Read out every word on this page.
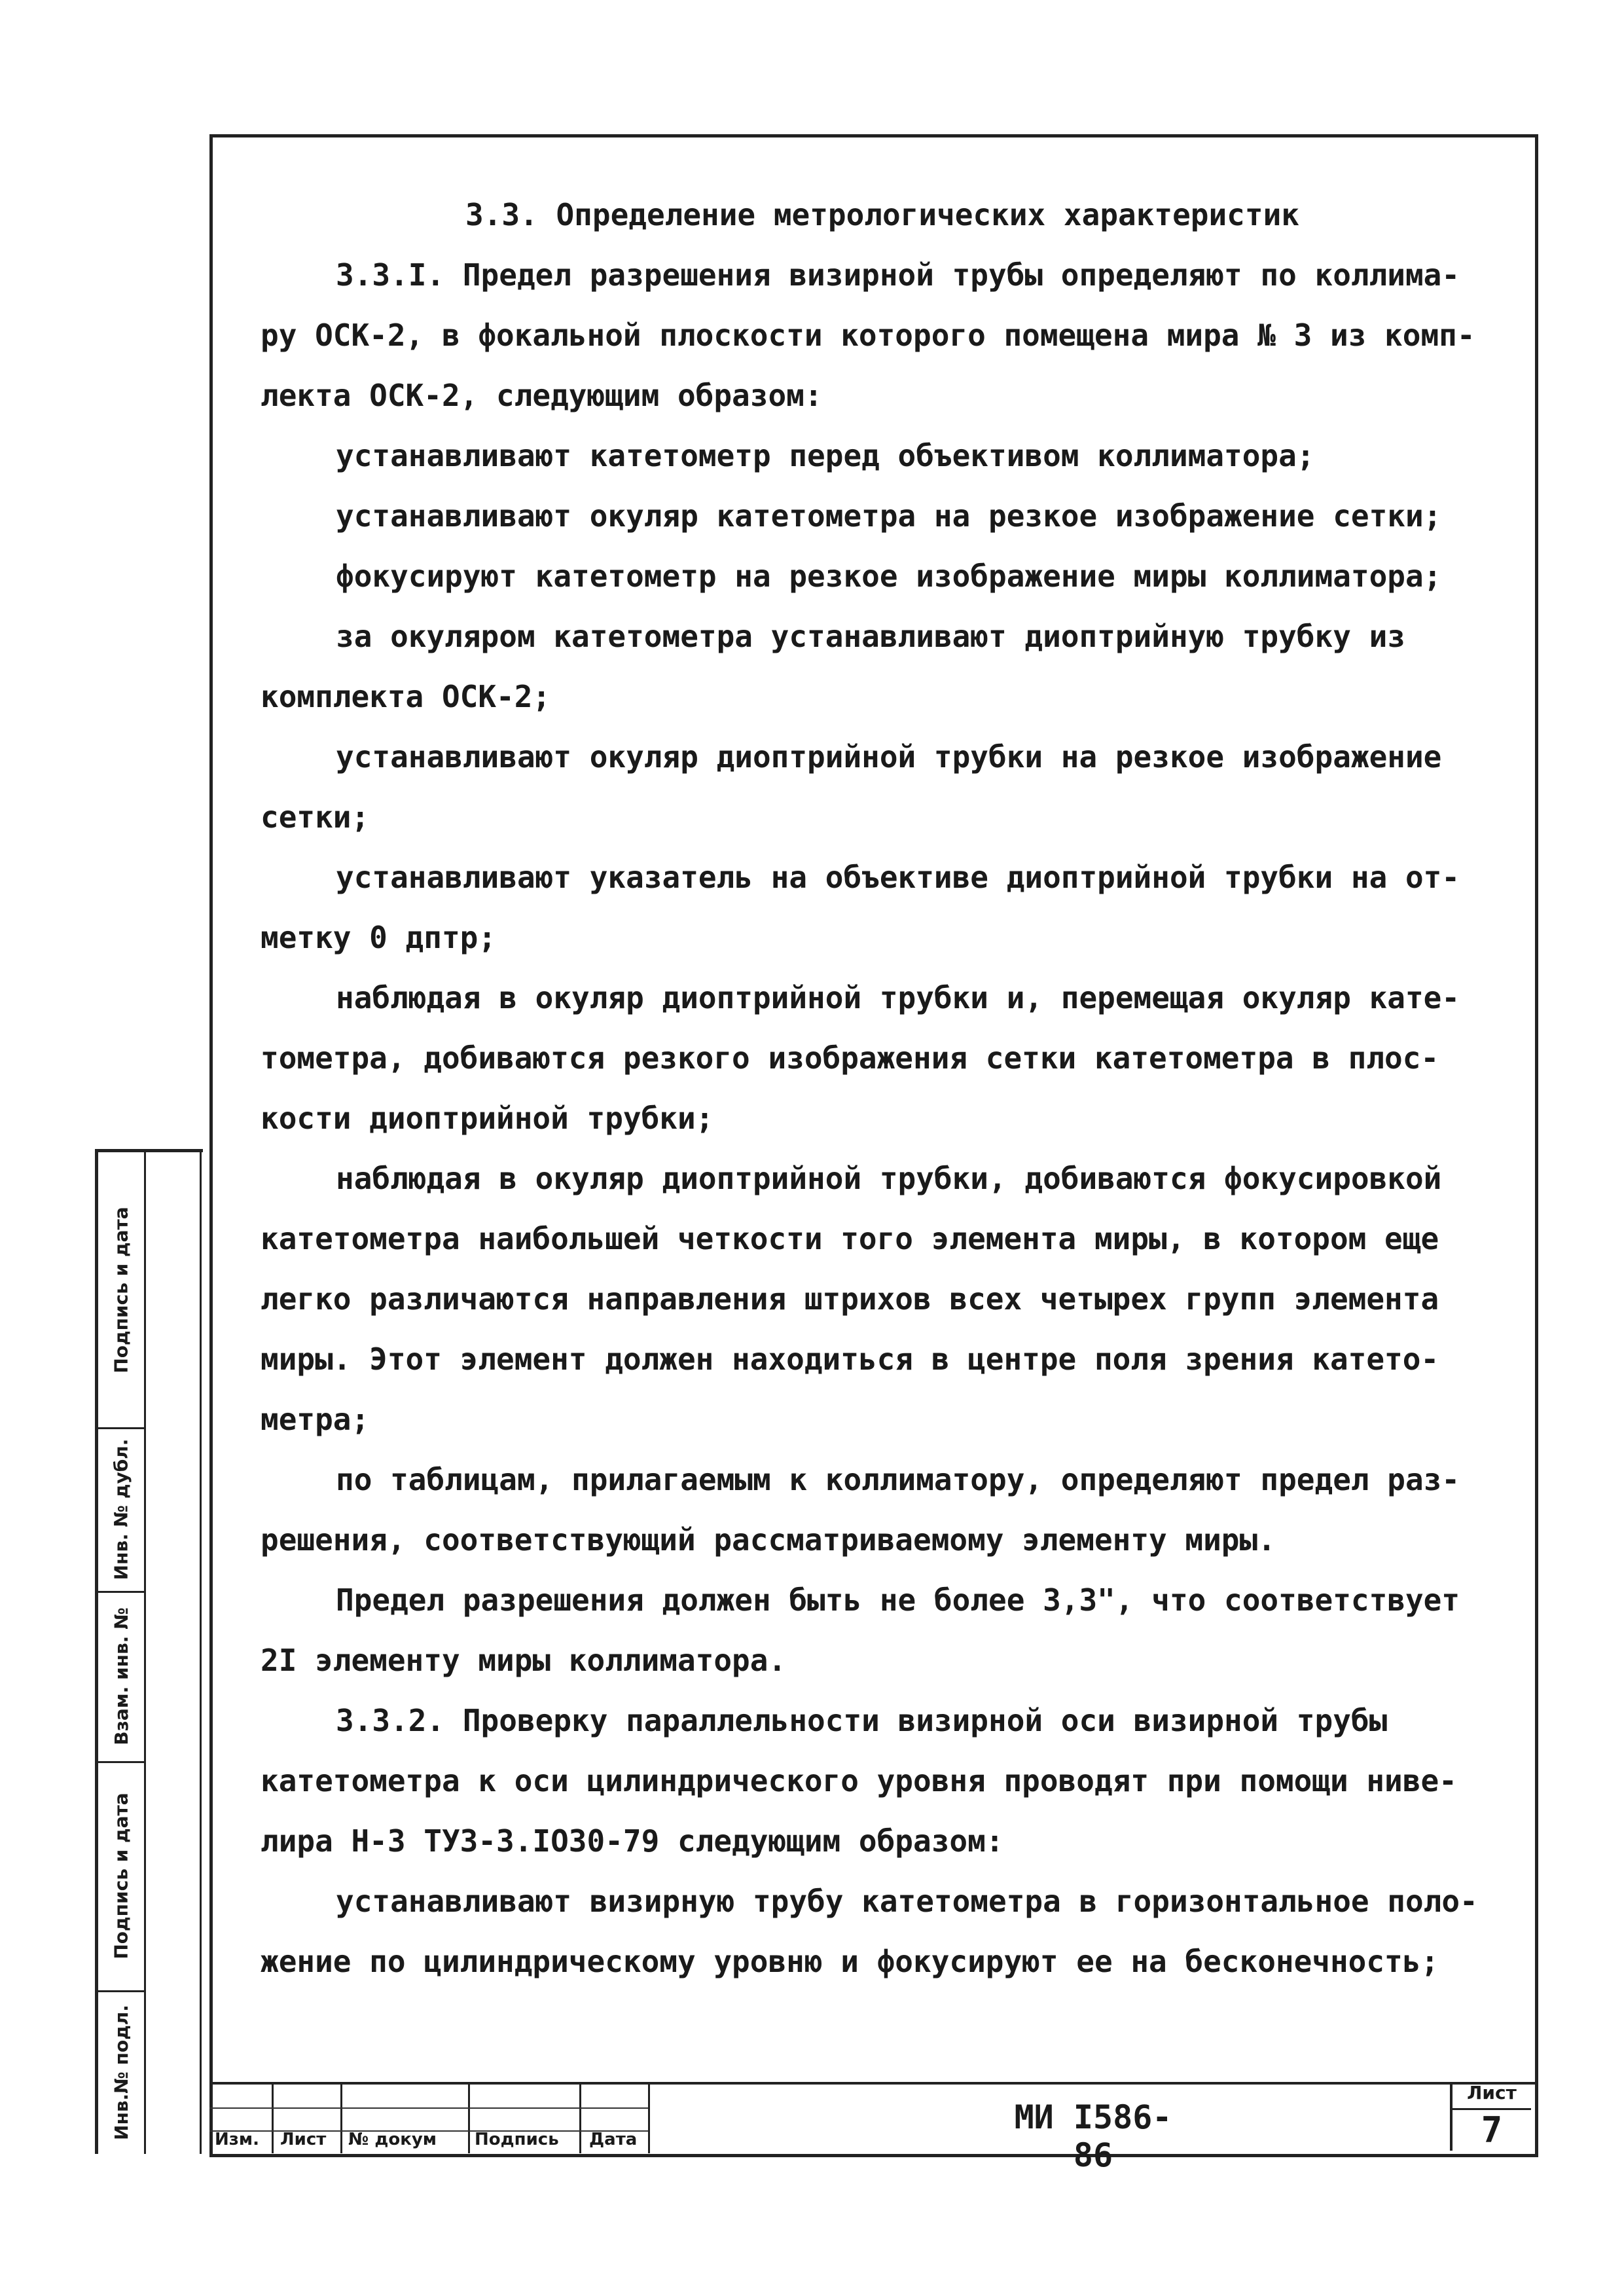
3.3. Определение метрологических характеристик
3.3.I. Предел разрешения визирной трубы определяют по коллима-
ру ОСК-2, в фокальной плоскости которого помещена мира № 3 из комп-
лекта ОСК-2, следующим образом:
устанавливают катетометр перед объективом коллиматора;
устанавливают окуляр катетометра на резкое изображение сетки;
фокусируют катетометр на резкое изображение миры коллиматора;
за окуляром катетометра устанавливают диоптрийную трубку из
комплекта ОСК-2;
устанавливают окуляр диоптрийной трубки на резкое изображение
сетки;
устанавливают указатель на объективе диоптрийной трубки на от-
метку 0 дптр;
наблюдая в окуляр диоптрийной трубки и, перемещая окуляр кате-
тометра, добиваются резкого изображения сетки катетометра в плос-
кости диоптрийной трубки;
наблюдая в окуляр диоптрийной трубки, добиваются фокусировкой
катетометра наибольшей четкости того элемента миры, в котором еще
легко различаются направления штрихов всех четырех групп элемента
миры. Этот элемент должен находиться в центре поля зрения катето-
метра;
по таблицам, прилагаемым к коллиматору, определяют предел раз-
решения, соответствующий рассматриваемому элементу миры.
Предел разрешения должен быть не более 3,3", что соответствует
2I элементу миры коллиматора.
3.3.2. Проверку параллельности визирной оси визирной трубы
катетометра к оси цилиндрического уровня проводят при помощи ниве-
лира Н-3 ТУ3-3.IO30-79 следующим образом:
устанавливают визирную трубу катетометра в горизонтальное поло-
жение по цилиндрическому уровню и фокусируют ее на бесконечность;
Подпись и дата
Инв. № дубл.
Взам. инв. №
Подпись и дата
Инв.№ подл.	Изм. Лист № докум Подпись Дата
МИ I586-86
Лист
7
